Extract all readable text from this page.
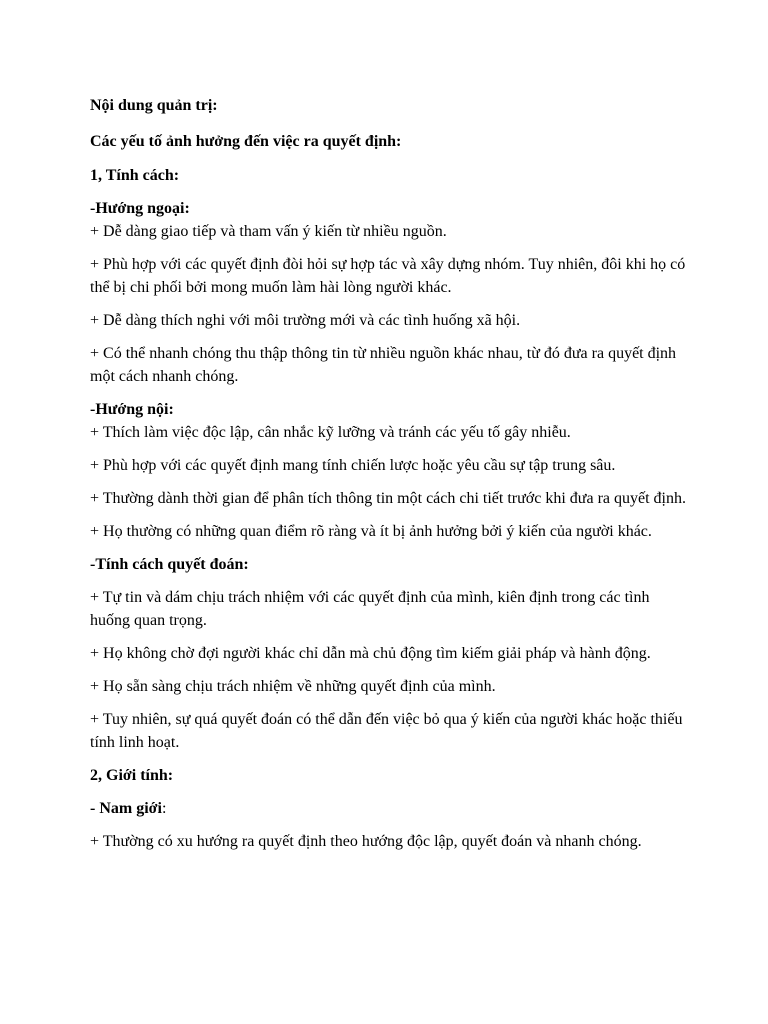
Nội dung quản trị:

Các yếu tố ảnh hưởng đến việc ra quyết định:

1, Tính cách:

-Hướng ngoại:

+ Dễ dàng giao tiếp và tham vấn ý kiến từ nhiều nguồn.

+ Phù hợp với các quyết định đòi hỏi sự hợp tác và xây dựng nhóm. Tuy nhiên, đôi khi họ có thể bị chi phối bởi mong muốn làm hài lòng người khác.

+ Dễ dàng thích nghi với môi trường mới và các tình huống xã hội.

+ Có thể nhanh chóng thu thập thông tin từ nhiều nguồn khác nhau, từ đó đưa ra quyết định một cách nhanh chóng.

-Hướng nội:

+ Thích làm việc độc lập, cân nhắc kỹ lưỡng và tránh các yếu tố gây nhiễu.

+ Phù hợp với các quyết định mang tính chiến lược hoặc yêu cầu sự tập trung sâu.

+ Thường dành thời gian để phân tích thông tin một cách chi tiết trước khi đưa ra quyết định.

+ Họ thường có những quan điểm rõ ràng và ít bị ảnh hưởng bởi ý kiến của người khác.

-Tính cách quyết đoán:

+ Tự tin và dám chịu trách nhiệm với các quyết định của mình, kiên định trong các tình huống quan trọng.

+ Họ không chờ đợi người khác chỉ dẫn mà chủ động tìm kiếm giải pháp và hành động.

+ Họ sẵn sàng chịu trách nhiệm về những quyết định của mình.

+ Tuy nhiên, sự quá quyết đoán có thể dẫn đến việc bỏ qua ý kiến của người khác hoặc thiếu tính linh hoạt.

2, Giới tính:

- Nam giới:

+ Thường có xu hướng ra quyết định theo hướng độc lập, quyết đoán và nhanh chóng.
